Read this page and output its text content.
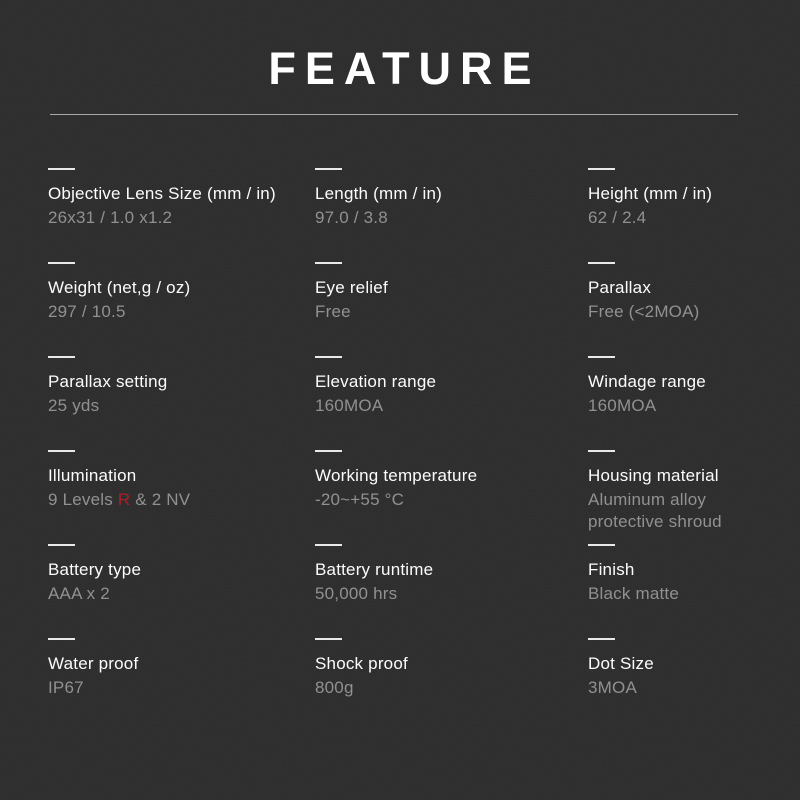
FEATURE
Objective Lens Size (mm / in)
26x31 / 1.0 x1.2
Length (mm / in)
97.0 / 3.8
Height (mm / in)
62 / 2.4
Weight (net,g / oz)
297 / 10.5
Eye relief
Free
Parallax
Free (<2MOA)
Parallax setting
25 yds
Elevation range
160MOA
Windage range
160MOA
Illumination
9 Levels R & 2 NV
Working temperature
-20~+55 °C
Housing material
Aluminum alloy protective shroud
Battery type
AAA x 2
Battery runtime
50,000 hrs
Finish
Black matte
Water proof
IP67
Shock proof
800g
Dot Size
3MOA
